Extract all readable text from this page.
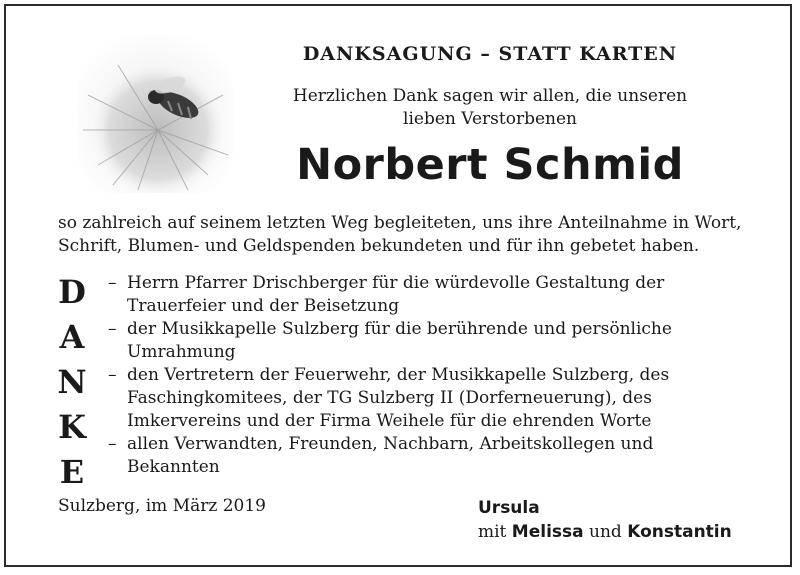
DANKSAGUNG – STATT KARTEN
Herzlichen Dank sagen wir allen, die unseren
lieben Verstorbenen
Norbert Schmid
so zahlreich auf seinem letzten Weg begleiteten, uns ihre Anteilnahme in Wort,
Schrift, Blumen- und Geldspenden bekundeten und für ihn gebetet haben.
D
A
N
K
E
– Herrn Pfarrer Drischberger für die würdevolle Gestaltung der
Trauerfeier und der Beisetzung
– der Musikkapelle Sulzberg für die berührende und persönliche
Umrahmung
– den Vertretern der Feuerwehr, der Musikkapelle Sulzberg, des
Faschingkomitees, der TG Sulzberg II (Dorferneuerung), des
Imkervereins und der Firma Weihele für die ehrenden Worte
– allen Verwandten, Freunden, Nachbarn, Arbeitskollegen und
Bekannten
Sulzberg, im März 2019	Ursula
mit Melissa und Konstantin
